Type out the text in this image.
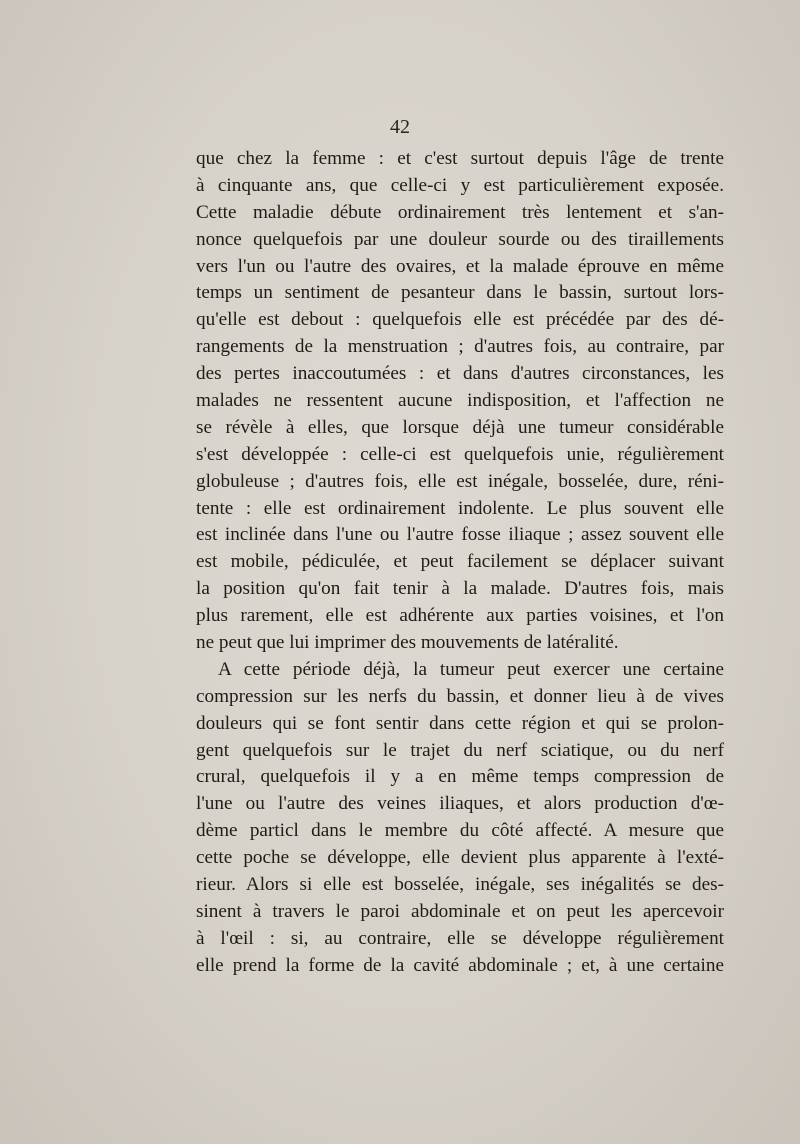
42
que chez la femme : et c'est surtout depuis l'âge de trente
à cinquante ans, que celle-ci y est particulièrement exposée.
Cette maladie débute ordinairement très lentement et s'an-
nonce quelquefois par une douleur sourde ou des tiraillements
vers l'un ou l'autre des ovaires, et la malade éprouve en même
temps un sentiment de pesanteur dans le bassin, surtout lors-
qu'elle est debout : quelquefois elle est précédée par des dé-
rangements de la menstruation ; d'autres fois, au contraire, par
des pertes inaccoutumées : et dans d'autres circonstances, les
malades ne ressentent aucune indisposition, et l'affection ne
se révèle à elles, que lorsque déjà une tumeur considérable
s'est développée : celle-ci est quelquefois unie, régulièrement
globuleuse ; d'autres fois, elle est inégale, bosselée, dure, réni-
tente : elle est ordinairement indolente. Le plus souvent elle
est inclinée dans l'une ou l'autre fosse iliaque ; assez souvent elle
est mobile, pédiculée, et peut facilement se déplacer suivant
la position qu'on fait tenir à la malade. D'autres fois, mais
plus rarement, elle est adhérente aux parties voisines, et l'on
ne peut que lui imprimer des mouvements de latéralité.
A cette période déjà, la tumeur peut exercer une certaine
compression sur les nerfs du bassin, et donner lieu à de vives
douleurs qui se font sentir dans cette région et qui se prolon-
gent quelquefois sur le trajet du nerf sciatique, ou du nerf
crural, quelquefois il y a en même temps compression de
l'une ou l'autre des veines iliaques, et alors production d'œ-
dème particl dans le membre du côté affecté. A mesure que
cette poche se développe, elle devient plus apparente à l'exté-
rieur. Alors si elle est bosselée, inégale, ses inégalités se des-
sinent à travers le paroi abdominale et on peut les apercevoir
à l'œil : si, au contraire, elle se développe régulièrement
elle prend la forme de la cavité abdominale ; et, à une certaine
